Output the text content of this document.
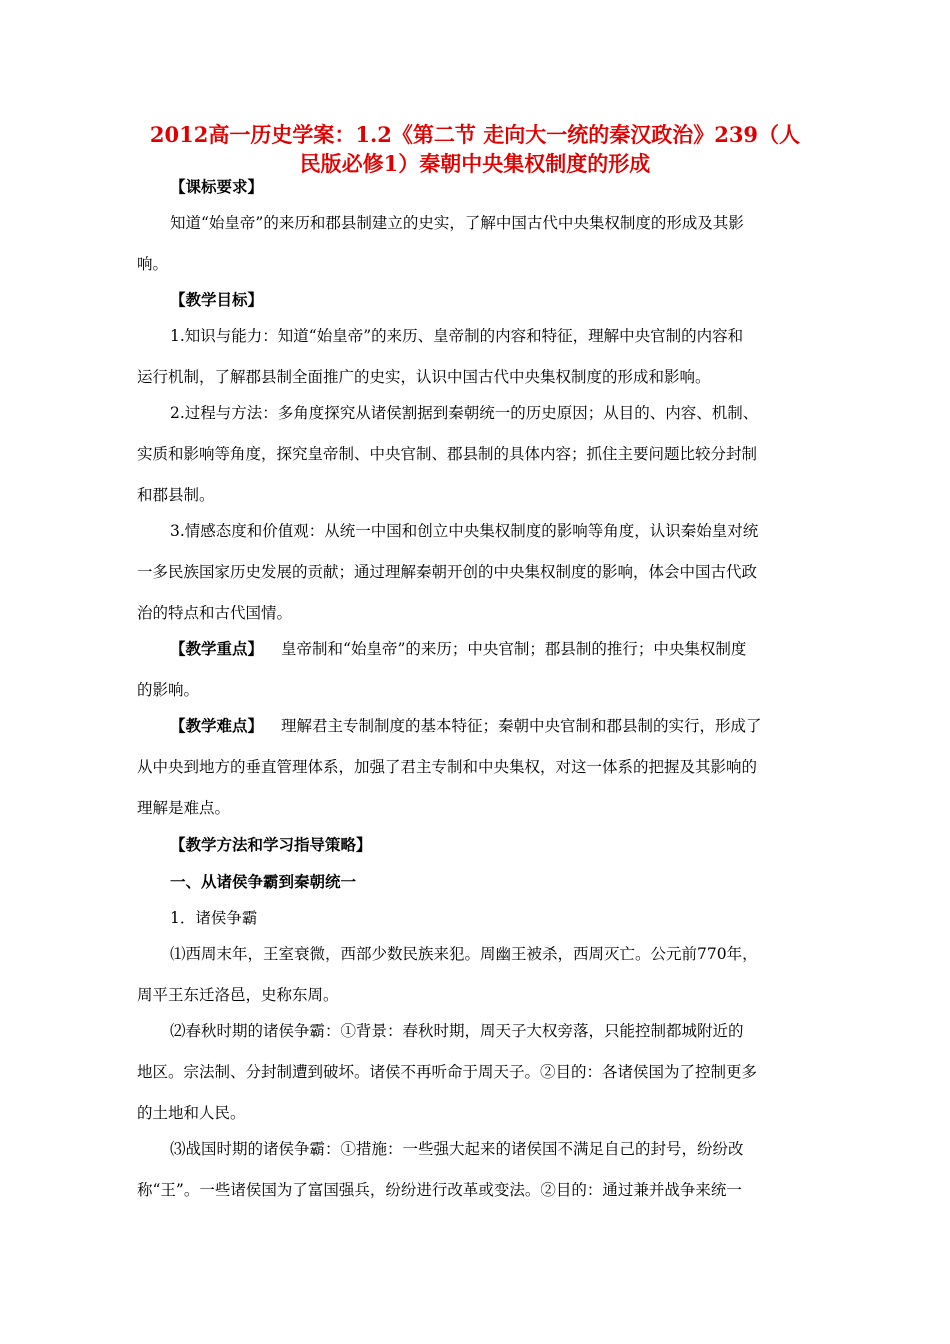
2012高一历史学案：1.2《第二节 走向大一统的秦汉政治》239（人
民版必修1）秦朝中央集权制度的形成
【课标要求】
知道“始皇帝”的来历和郡县制建立的史实，了解中国古代中央集权制度的形成及其影
响。
【教学目标】
1.知识与能力：知道“始皇帝”的来历、皇帝制的内容和特征，理解中央官制的内容和
运行机制，了解郡县制全面推广的史实，认识中国古代中央集权制度的形成和影响。
2.过程与方法：多角度探究从诸侯割据到秦朝统一的历史原因；从目的、内容、机制、
实质和影响等角度，探究皇帝制、中央官制、郡县制的具体内容；抓住主要问题比较分封制
和郡县制。
3.情感态度和价值观：从统一中国和创立中央集权制度的影响等角度，认识秦始皇对统
一多民族国家历史发展的贡献；通过理解秦朝开创的中央集权制度的影响，体会中国古代政
治的特点和古代国情。
【教学重点】 皇帝制和“始皇帝”的来历；中央官制；郡县制的推行；中央集权制度
的影响。
【教学难点】 理解君主专制制度的基本特征；秦朝中央官制和郡县制的实行，形成了
从中央到地方的垂直管理体系，加强了君主专制和中央集权，对这一体系的把握及其影响的
理解是难点。
【教学方法和学习指导策略】
一、从诸侯争霸到秦朝统一
1．诸侯争霸
⑴西周末年，王室衰微，西部少数民族来犯。周幽王被杀，西周灭亡。公元前770年，
周平王东迁洛邑，史称东周。
⑵春秋时期的诸侯争霸：①背景：春秋时期，周天子大权旁落，只能控制都城附近的
地区。宗法制、分封制遭到破坏。诸侯不再听命于周天子。②目的：各诸侯国为了控制更多
的土地和人民。
⑶战国时期的诸侯争霸：①措施：一些强大起来的诸侯国不满足自己的封号，纷纷改
称“王”。一些诸侯国为了富国强兵，纷纷进行改革或变法。②目的：通过兼并战争来统一
